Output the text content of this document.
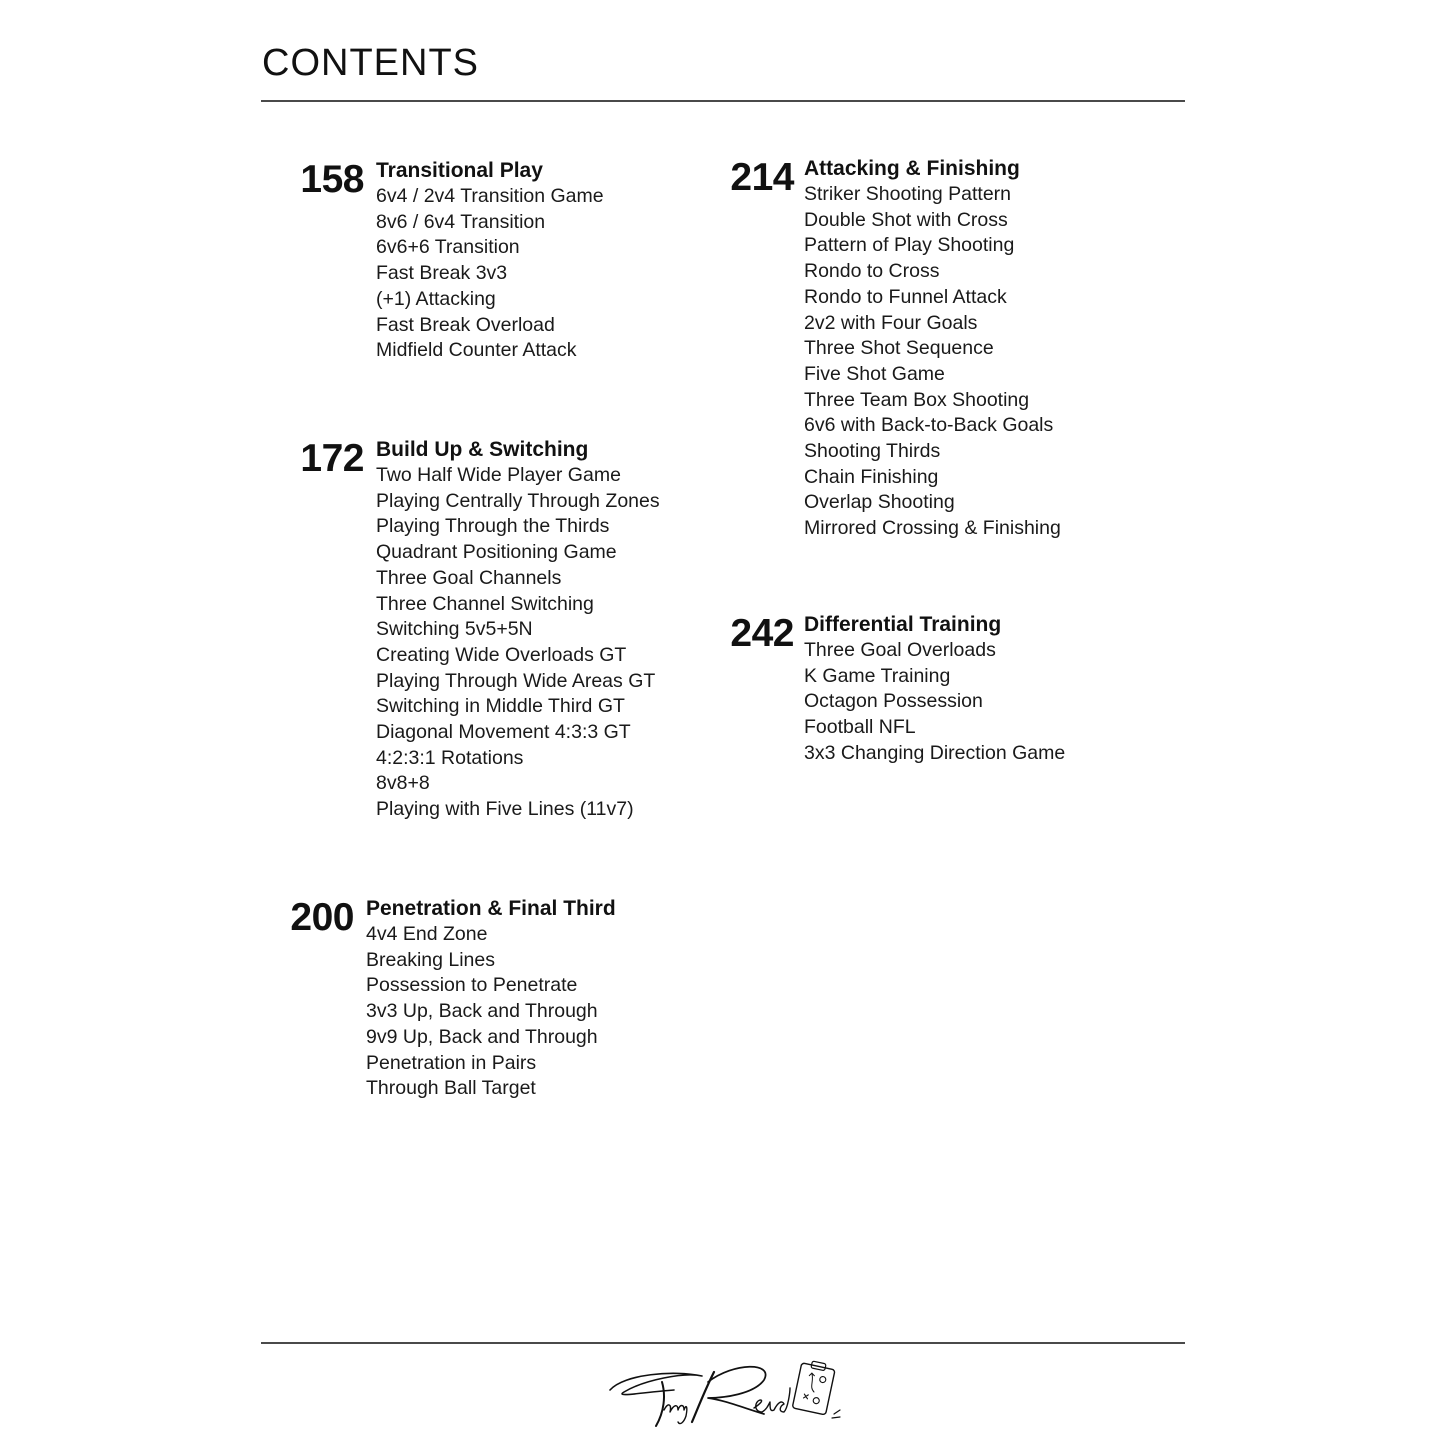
CONTENTS
158 Transitional Play
6v4 / 2v4 Transition Game
8v6 / 6v4 Transition
6v6+6 Transition
Fast Break 3v3
(+1) Attacking
Fast Break Overload
Midfield Counter Attack
172 Build Up & Switching
Two Half Wide Player Game
Playing Centrally Through Zones
Playing Through the Thirds
Quadrant Positioning Game
Three Goal Channels
Three Channel Switching
Switching 5v5+5N
Creating Wide Overloads GT
Playing Through Wide Areas GT
Switching in Middle Third GT
Diagonal Movement 4:3:3 GT
4:2:3:1 Rotations
8v8+8
Playing with Five Lines (11v7)
200 Penetration & Final Third
4v4 End Zone
Breaking Lines
Possession to Penetrate
3v3 Up, Back and Through
9v9 Up, Back and Through
Penetration in Pairs
Through Ball Target
214 Attacking & Finishing
Striker Shooting Pattern
Double Shot with Cross
Pattern of Play Shooting
Rondo to Cross
Rondo to Funnel Attack
2v2 with Four Goals
Three Shot Sequence
Five Shot Game
Three Team Box Shooting
6v6 with Back-to-Back Goals
Shooting Thirds
Chain Finishing
Overlap Shooting
Mirrored Crossing & Finishing
242 Differential Training
Three Goal Overloads
K Game Training
Octagon Possession
Football NFL
3x3 Changing Direction Game
